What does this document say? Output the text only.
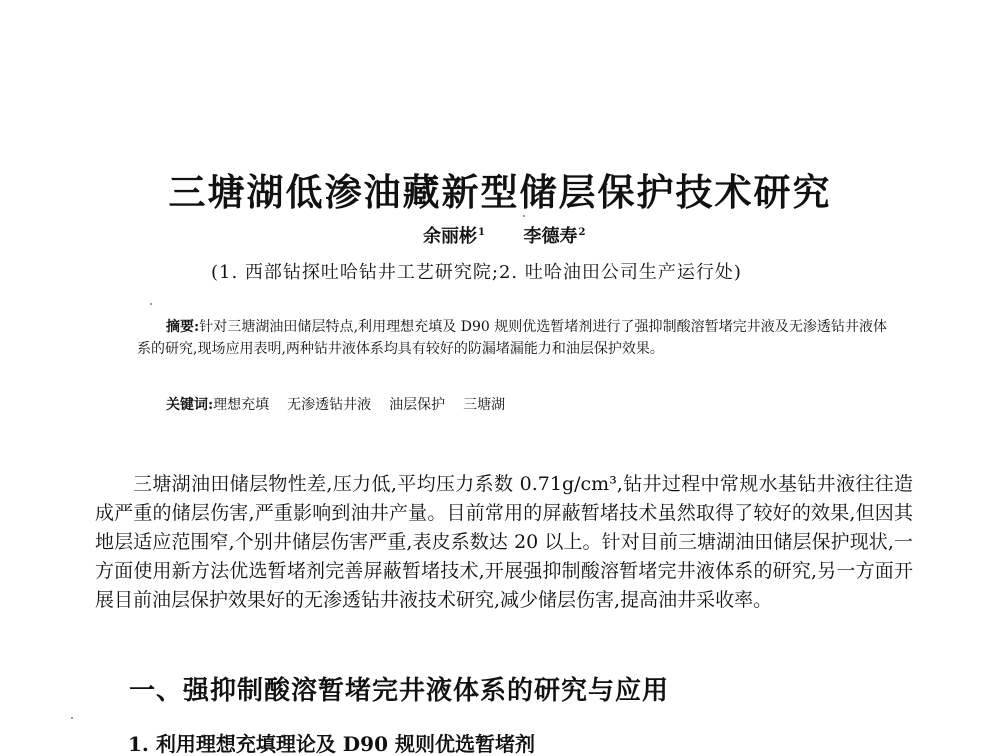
三塘湖低渗油藏新型储层保护技术研究
余丽彬$^1$ 李德寿$^2$
(1. 西部钻探吐哈钻井工艺研究院;2. 吐哈油田公司生产运行处)
摘要:针对三塘湖油田储层特点,利用理想充填及 D90 规则优选暂堵剂进行了强抑制酸溶暂堵完井液及无渗透钻井液体系的研究,现场应用表明,两种钻井液体系均具有较好的防漏堵漏能力和油层保护效果。
关键词:理想充填 无渗透钻井液 油层保护 三塘湖

三塘湖油田储层物性差,压力低,平均压力系数 0.71g/cm³,钻井过程中常规水基钻井液往往造成严重的储层伤害,严重影响到油井产量。目前常用的屏蔽暂堵技术虽然取得了较好的效果,但因其地层适应范围窄,个别井储层伤害严重,表皮系数达 20 以上。针对目前三塘湖油田储层保护现状,一方面使用新方法优选暂堵剂完善屏蔽暂堵技术,开展强抑制酸溶暂堵完井液体系的研究,另一方面开展目前油层保护效果好的无渗透钻井液技术研究,减少储层伤害,提高油井采收率。

一、强抑制酸溶暂堵完井液体系的研究与应用
1. 利用理想充填理论及 D90 规则优选暂堵剂
